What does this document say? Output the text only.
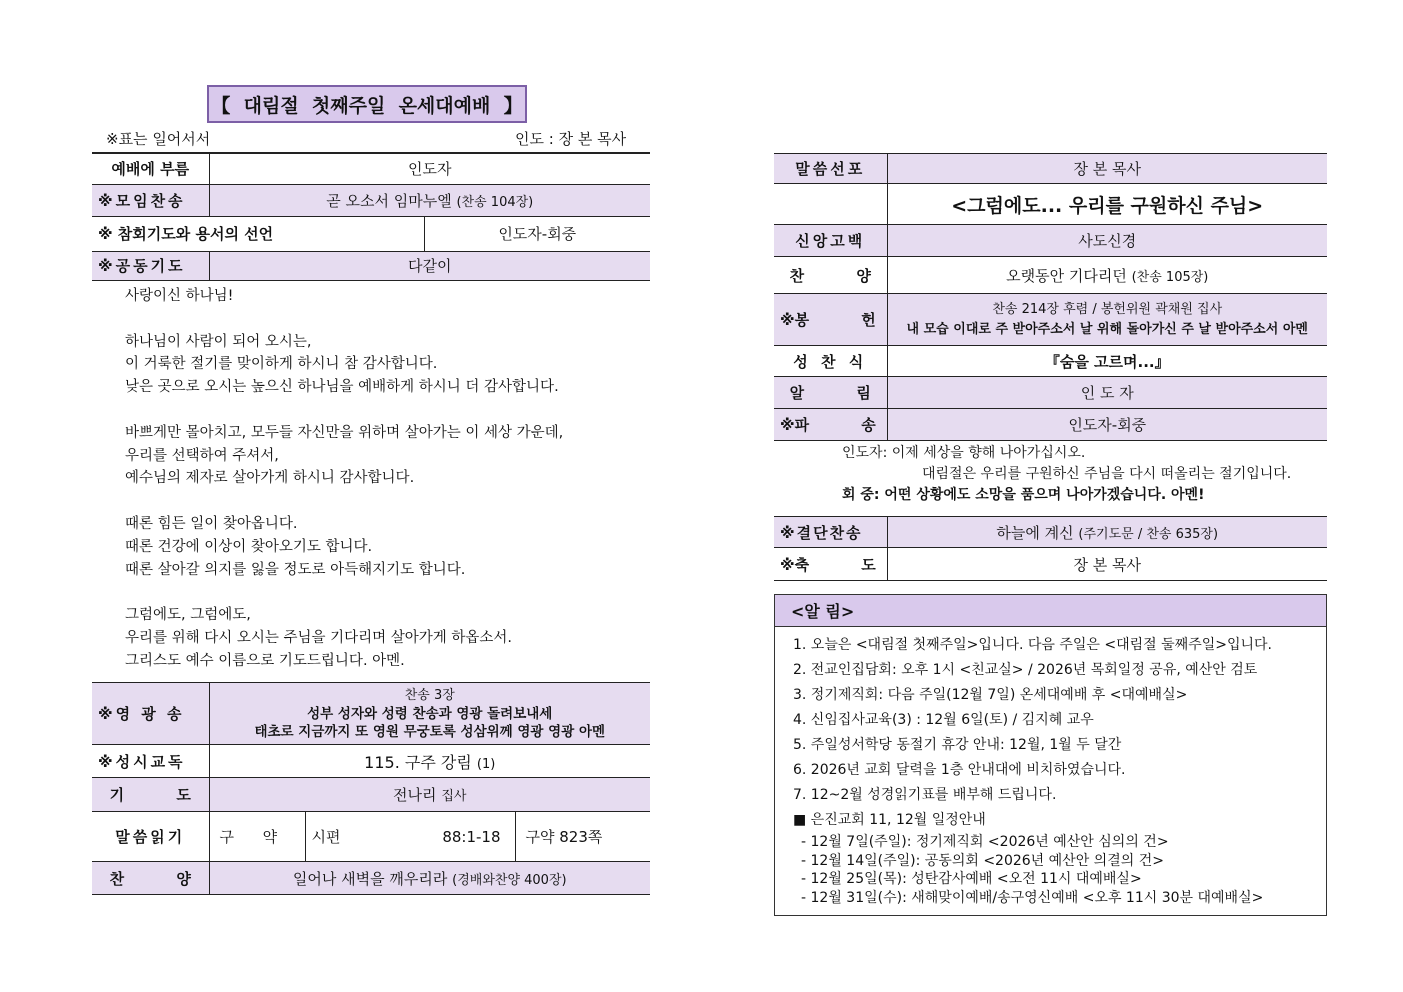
【  대림절  첫째주일  온세대예배  】
※표는 일어서서	인도 : 장 본 목사
예배에 부름	인도자	
※모임찬송	곧 오소서 임마누엘 (찬송 104장)	
※ 참회기도와 용서의 선언		인도자-회중
※공동기도	다같이	
사랑이신 하나님!
하나님이 사람이 되어 오시는,
이 거룩한 절기를 맞이하게 하시니 참 감사합니다.
낮은 곳으로 오시는 높으신 하나님을 예배하게 하시니 더 감사합니다.
바쁘게만 몰아치고, 모두들 자신만을 위하며 살아가는 이 세상 가운데,
우리를 선택하여 주셔서,
예수님의 제자로 살아가게 하시니 감사합니다.
때론 힘든 일이 찾아옵니다.
때론 건강에 이상이 찾아오기도 합니다.
때론 살아갈 의지를 잃을 정도로 아득해지기도 합니다.
그럼에도, 그럼에도,
우리를 위해 다시 오시는 주님을 기다리며 살아가게 하옵소서.
그리스도 예수 이름으로 기도드립니다. 아멘.
※영 광 송	찬송 3장
성부 성자와 성령 찬송과 영광 돌려보내세
태초로 지금까지 또 영원 무궁토록 성삼위께 영광 영광 아멘			

※성시교독	115. 구주 강림 (1)			
기          도	전나리 집사			
말씀읽기	구      약	시편	88:1-18	구약 823쪽
찬          양	일어나 새벽을 깨우리라 (경배와찬양 400장)			
말씀선포	장 본 목사
	<그럼에도... 우리를 구원하신 주님>
신앙고백	사도신경
찬          양	오랫동안 기다리던 (찬송 105장)
※봉          헌	찬송 214장 후렴 / 봉헌위원 곽채원 집사
내 모습 이대로 주 받아주소서 날 위해 돌아가신 주 날 받아주소서 아멘

성 찬 식	『숨을 고르며...』
알          림	인 도 자
※파          송	인도자-회중
인도자: 이제 세상을 향해 나아가십시오.
대림절은 우리를 구원하신 주님을 다시 떠올리는 절기입니다.
회 중: 어떤 상황에도 소망을 품으며 나아가겠습니다. 아멘!
※결단찬송	하늘에 계신 (주기도문 / 찬송 635장)
※축          도	장 본 목사
<알 림>
1. 오늘은 <대림절 첫째주일>입니다. 다음 주일은 <대림절 둘째주일>입니다.
2. 전교인집담회: 오후 1시 <친교실> / 2026년 목회일정 공유, 예산안 검토
3. 정기제직회: 다음 주일(12월 7일) 온세대예배 후 <대예배실>
4. 신임집사교육(3) : 12월 6일(토) / 김지혜 교우
5. 주일성서학당 동절기 휴강 안내: 12월, 1월 두 달간
6. 2026년 교회 달력을 1층 안내대에 비치하였습니다.
7. 12~2월 성경읽기표를 배부해 드립니다.
■ 은진교회 11, 12월 일정안내
- 12월 7일(주일): 정기제직회 <2026년 예산안 심의의 건>
- 12월 14일(주일): 공동의회 <2026년 예산안 의결의 건>
- 12월 25일(목): 성탄감사예배 <오전 11시 대예배실>
- 12월 31일(수): 새해맞이예배/송구영신예배 <오후 11시 30분 대예배실>
